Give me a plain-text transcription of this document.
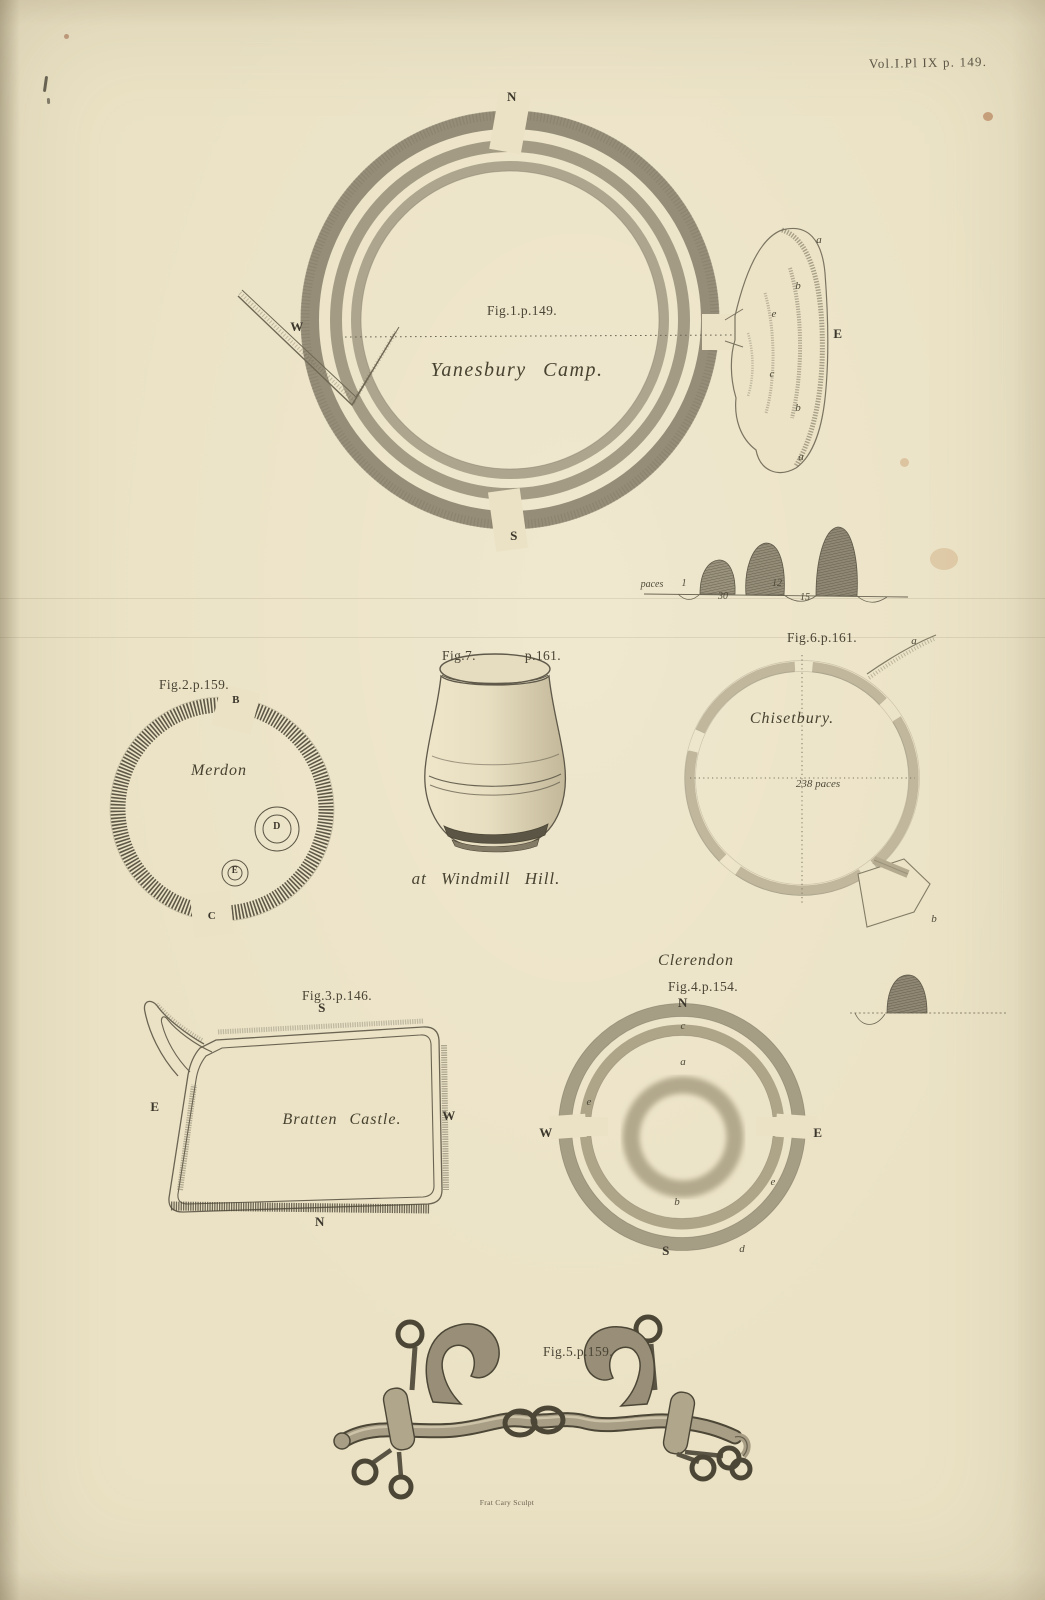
Vol.I.Pl IX p. 149.
Fig.1.p.149.
Yanesbury Camp.
N
S
W	E
a
b
e
c
b
a
paces 1
30
12
15
Fig.2.p.159.
Merdon
B
C
D
E
Fig.7.	p.161.
at Windmill Hill.
Fig.6.p.161.
Chisetbury.
238 paces
a
b
Fig.3.p.146.
S
E
W
N
Bratten Castle.
Clerendon
Fig.4.p.154.
N
W	E
S
c
a
e
e
b
d
Fig.5.p.159.
Frat Cary Sculpt
